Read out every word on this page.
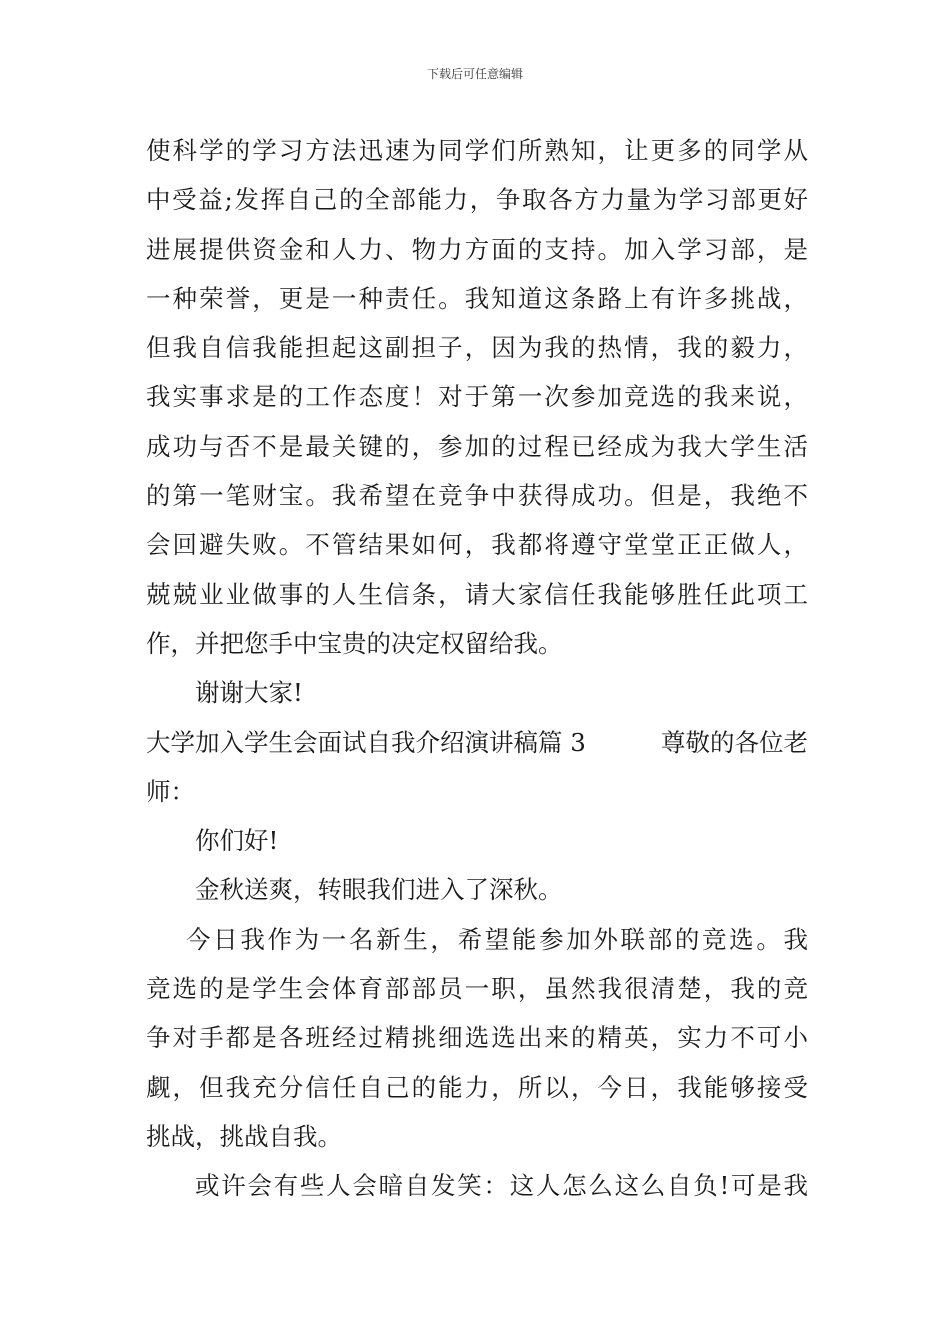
下载后可任意编辑
使科学的学习方法迅速为同学们所熟知，让更多的同学从
中受益;发挥自己的全部能力，争取各方力量为学习部更好
进展提供资金和人力、物力方面的支持。加入学习部，是
一种荣誉，更是一种责任。我知道这条路上有许多挑战，
但我自信我能担起这副担子，因为我的热情，我的毅力，
我实事求是的工作态度！对于第一次参加竞选的我来说，
成功与否不是最关键的，参加的过程已经成为我大学生活
的第一笔财宝。我希望在竞争中获得成功。但是，我绝不
会回避失败。不管结果如何，我都将遵守堂堂正正做人，
兢兢业业做事的人生信条，请大家信任我能够胜任此项工
作，并把您手中宝贵的决定权留给我。
谢谢大家!
大学加入学生会面试自我介绍演讲稿篇 3	尊敬的各位老
师：
你们好!
金秋送爽，转眼我们进入了深秋。
今日我作为一名新生，希望能参加外联部的竞选。我
竞选的是学生会体育部部员一职，虽然我很清楚，我的竞
争对手都是各班经过精挑细选选出来的精英，实力不可小
觑，但我充分信任自己的能力，所以，今日，我能够接受
挑战，挑战自我。
或许会有些人会暗自发笑：这人怎么这么自负!可是我
